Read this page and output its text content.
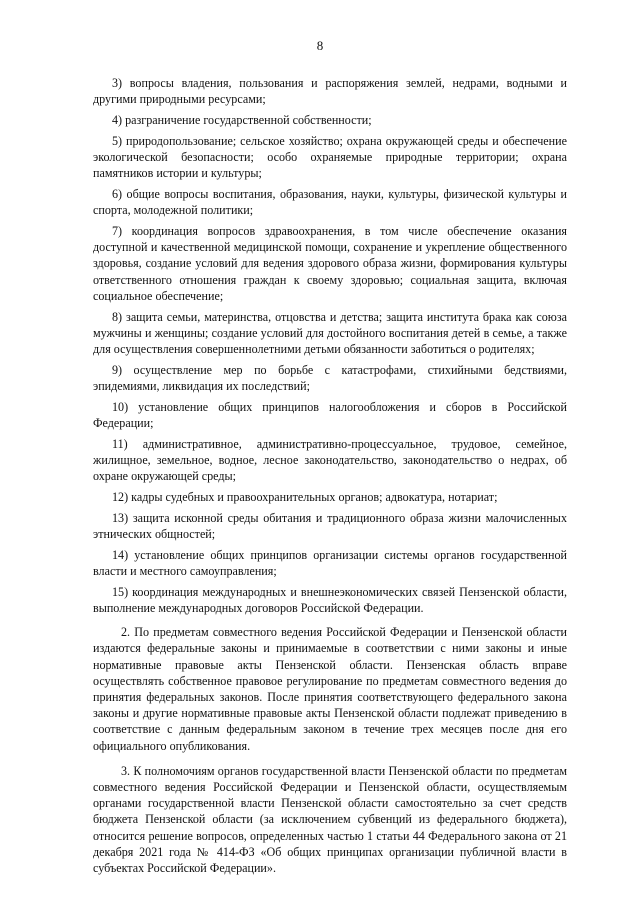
8

3) вопросы владения, пользования и распоряжения землей, недрами, водными и другими природными ресурсами;

4) разграничение государственной собственности;

5) природопользование; сельское хозяйство; охрана окружающей среды и обеспечение экологической безопасности; особо охраняемые природные территории; охрана памятников истории и культуры;

6) общие вопросы воспитания, образования, науки, культуры, физической культуры и спорта, молодежной политики;

7) координация вопросов здравоохранения, в том числе обеспечение оказания доступной и качественной медицинской помощи, сохранение и укрепление общественного здоровья, создание условий для ведения здорового образа жизни, формирования культуры ответственного отношения граждан к своему здоровью; социальная защита, включая социальное обеспечение;

8) защита семьи, материнства, отцовства и детства; защита института брака как союза мужчины и женщины; создание условий для достойного воспитания детей в семье, а также для осуществления совершеннолетними детьми обязанности заботиться о родителях;

9) осуществление мер по борьбе с катастрофами, стихийными бедствиями, эпидемиями, ликвидация их последствий;

10) установление общих принципов налогообложения и сборов в Российской Федерации;

11) административное, административно-процессуальное, трудовое, семейное, жилищное, земельное, водное, лесное законодательство, законодательство о недрах, об охране окружающей среды;

12) кадры судебных и правоохранительных органов; адвокатура, нотариат;

13) защита исконной среды обитания и традиционного образа жизни малочисленных этнических общностей;

14) установление общих принципов организации системы органов государственной власти и местного самоуправления;

15) координация международных и внешнеэкономических связей Пензенской области, выполнение международных договоров Российской Федерации.

2. По предметам совместного ведения Российской Федерации и Пензенской области издаются федеральные законы и принимаемые в соответствии с ними законы и иные нормативные правовые акты Пензенской области. Пензенская область вправе осуществлять собственное правовое регулирование по предметам совместного ведения до принятия федеральных законов. После принятия соответствующего федерального закона законы и другие нормативные правовые акты Пензенской области подлежат приведению в соответствие с данным федеральным законом в течение трех месяцев после дня его официального опубликования.

3. К полномочиям органов государственной власти Пензенской области по предметам совместного ведения Российской Федерации и Пензенской области, осуществляемым органами государственной власти Пензенской области самостоятельно за счет средств бюджета Пензенской области (за исключением субвенций из федерального бюджета), относится решение вопросов, определенных частью 1 статьи 44 Федерального закона от 21 декабря 2021 года № 414-ФЗ «Об общих принципах организации публичной власти в субъектах Российской Федерации».
